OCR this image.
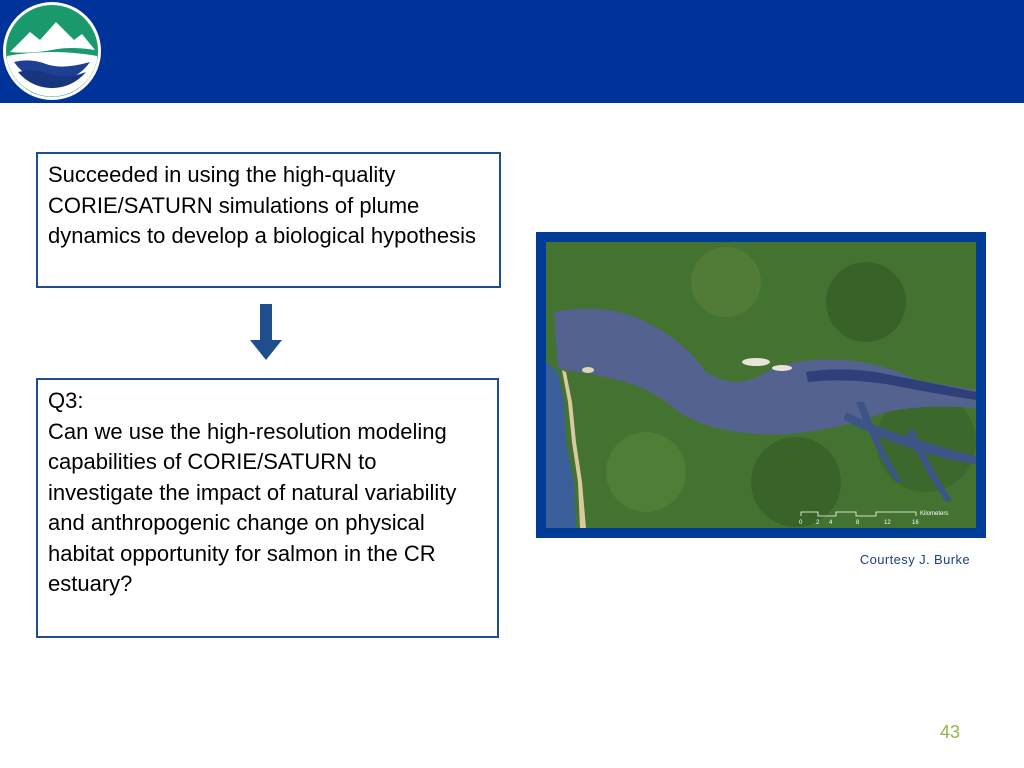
Succeeded in using the high-quality CORIE/SATURN simulations of plume dynamics to develop a biological hypothesis
Q3:
Can we use the high-resolution modeling capabilities of CORIE/SATURN to investigate the impact of natural variability and anthropogenic change on physical habitat opportunity for salmon in the CR estuary?
Kilometers
0 2 4	8	12	16
Courtesy J. Burke
43
